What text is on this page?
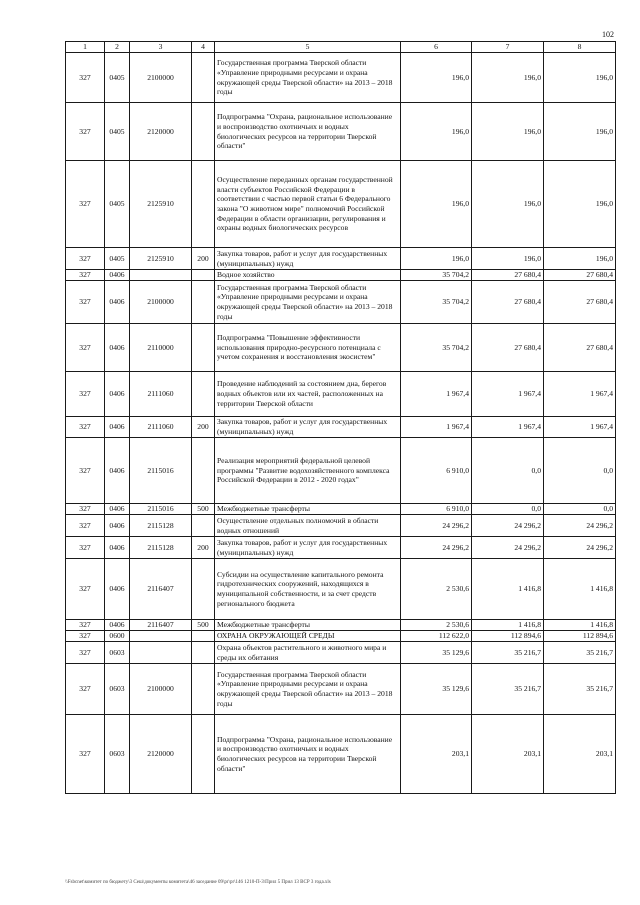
102
1	2	3	4	5	6	7	8
327	0405	2100000		Государственная программа Тверской области «Управление природными ресурсами и охрана окружающей среды Тверской области» на 2013 – 2018 годы	196,0	196,0	196,0
327	0405	2120000		Подпрограмма "Охрана, рациональное использование и воспроизводство охотничьих и водных биологических ресурсов на территории Тверской области"	196,0	196,0	196,0
327	0405	2125910		Осуществление переданных органам государственной власти субъектов Российской Федерации в соответствии с частью первой статьи 6 Федерального закона "О животном мире" полномочий Российской Федерации в области организации, регулирования и охраны водных биологических ресурсов	196,0	196,0	196,0
327	0405	2125910	200	Закупка товаров, работ и услуг для государственных (муниципальных) нужд	196,0	196,0	196,0
327	0406			Водное хозяйство	35 704,2	27 680,4	27 680,4
327	0406	2100000		Государственная программа Тверской области «Управление природными ресурсами и охрана окружающей среды Тверской области» на 2013 – 2018 годы	35 704,2	27 680,4	27 680,4
327	0406	2110000		Подпрограмма "Повышение эффективности использования природно-ресурсного потенциала с учетом сохранения и восстановления экосистем"	35 704,2	27 680,4	27 680,4
327	0406	2111060		Проведение наблюдений за состоянием дна, берегов водных объектов или их частей, расположенных на территории Тверской области	1 967,4	1 967,4	1 967,4
327	0406	2111060	200	Закупка товаров, работ и услуг для государственных (муниципальных) нужд	1 967,4	1 967,4	1 967,4
327	0406	2115016		Реализация мероприятий федеральной целевой программы "Развитие водохозяйственного комплекса Российской Федерации в 2012 - 2020 годах"	6 910,0	0,0	0,0
327	0406	2115016	500	Межбюджетные трансферты	6 910,0	0,0	0,0
327	0406	2115128		Осуществление отдельных полномочий в области водных отношений	24 296,2	24 296,2	24 296,2
327	0406	2115128	200	Закупка товаров, работ и услуг для государственных (муниципальных) нужд	24 296,2	24 296,2	24 296,2
327	0406	2116407		Субсидии на осуществление капитального ремонта гидротехнических сооружений, находящихся в муниципальной собственности, и за счет средств регионального бюджета	2 530,6	1 416,8	1 416,8
327	0406	2116407	500	Межбюджетные трансферты	2 530,6	1 416,8	1 416,8
327	0600			ОХРАНА ОКРУЖАЮЩЕЙ СРЕДЫ	112 622,0	112 894,6	112 894,6
327	0603			Охрана объектов растительного и животного мира и среды их обитания	35 129,6	35 216,7	35 216,7
327	0603	2100000		Государственная программа Тверской области «Управление природными ресурсами и охрана окружающей среды Тверской области» на 2013 – 2018 годы	35 129,6	35 216,7	35 216,7
327	0603	2120000		Подпрограмма "Охрана, рациональное использование и воспроизводство охотничьих и водных биологических ресурсов на территории Тверской области"	203,1	203,1	203,1
\\Fsbcnet\комитет по бюджету\3 Сеш\документы комитета\46 заседание 09\pr\pr\146 1210-П-3\Прил 5 Прил 13 ВСР 3 года.xls
